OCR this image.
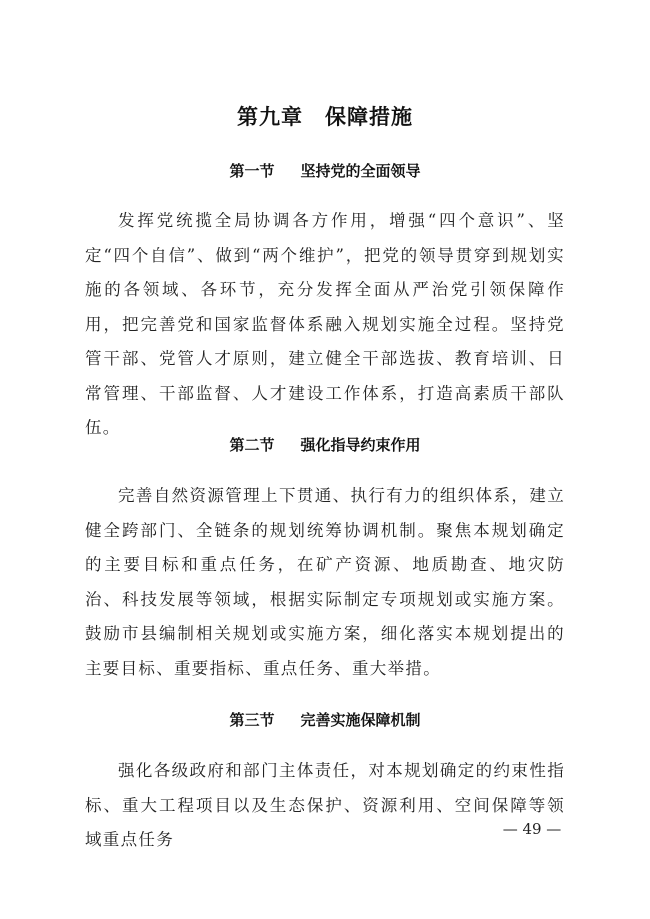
第九章　保障措施
第一节 坚持党的全面领导

发挥党统揽全局协调各方作用，增强“四个意识”、坚定“四个自信”、做到“两个维护”，把党的领导贯穿到规划实施的各领域、各环节，充分发挥全面从严治党引领保障作用，把完善党和国家监督体系融入规划实施全过程。坚持党管干部、党管人才原则，建立健全干部选拔、教育培训、日常管理、干部监督、人才建设工作体系，打造高素质干部队伍。

第二节 强化指导约束作用

完善自然资源管理上下贯通、执行有力的组织体系，建立健全跨部门、全链条的规划统筹协调机制。聚焦本规划确定的主要目标和重点任务，在矿产资源、地质勘查、地灾防治、科技发展等领域，根据实际制定专项规划或实施方案。鼓励市县编制相关规划或实施方案，细化落实本规划提出的主要目标、重要指标、重点任务、重大举措。

第三节 完善实施保障机制

强化各级政府和部门主体责任，对本规划确定的约束性指标、重大工程项目以及生态保护、资源利用、空间保障等领域重点任务

— 49 —
